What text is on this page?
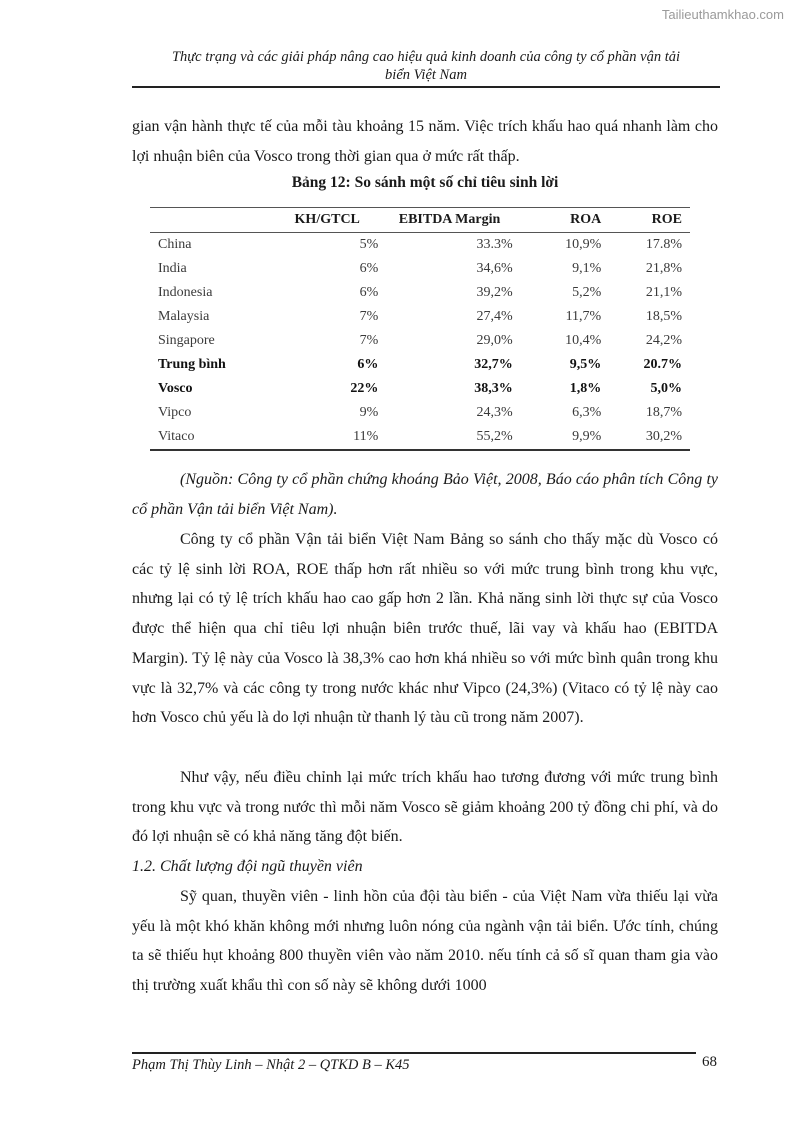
Tailieuthamkhao.com
Thực trạng và các giải pháp nâng cao hiệu quả kinh doanh của công ty cổ phần vận tải
biển Việt Nam

gian vận hành thực tế của mỗi tàu khoảng 15 năm. Việc trích khấu hao quá nhanh làm cho lợi nhuận biên của Vosco trong thời gian qua ở mức rất thấp.

Bảng 12: So sánh một số chỉ tiêu sinh lời
	KH/GTCL	EBITDA Margin	ROA	ROE
China	5%	33.3%	10,9%	17.8%
India	6%	34,6%	9,1%	21,8%
Indonesia	6%	39,2%	5,2%	21,1%
Malaysia	7%	27,4%	11,7%	18,5%
Singapore	7%	29,0%	10,4%	24,2%
Trung bình	6%	32,7%	9,5%	20.7%
Vosco	22%	38,3%	1,8%	5,0%
Vipco	9%	24,3%	6,3%	18,7%
Vitaco	11%	55,2%	9,9%	30,2%

(Nguồn: Công ty cổ phần chứng khoáng Bảo Việt, 2008, Báo cáo phân tích Công ty cổ phần Vận tải biển Việt Nam).

Công ty cổ phần Vận tải biển Việt Nam Bảng so sánh cho thấy mặc dù Vosco có các tỷ lệ sinh lời ROA, ROE thấp hơn rất nhiều so với mức trung bình trong khu vực, nhưng lại có tỷ lệ trích khấu hao cao gấp hơn 2 lần. Khả năng sinh lời thực sự của Vosco được thể hiện qua chỉ tiêu lợi nhuận biên trước thuế, lãi vay và khấu hao (EBITDA Margin). Tỷ lệ này của Vosco là 38,3% cao hơn khá nhiều so với mức bình quân trong khu vực là 32,7% và các công ty trong nước khác như Vipco (24,3%) (Vitaco có tỷ lệ này cao hơn Vosco chủ yếu là do lợi nhuận từ thanh lý tàu cũ trong năm 2007).

Như vậy, nếu điều chỉnh lại mức trích khấu hao tương đương với mức trung bình trong khu vực và trong nước thì mỗi năm Vosco sẽ giảm khoảng 200 tỷ đồng chi phí, và do đó lợi nhuận sẽ có khả năng tăng đột biến.

1.2. Chất lượng đội ngũ thuyền viên

Sỹ quan, thuyền viên - linh hồn của đội tàu biển - của Việt Nam vừa thiếu lại vừa yếu là một khó khăn không mới nhưng luôn nóng của ngành vận tải biển. Ước tính, chúng ta sẽ thiếu hụt khoảng 800 thuyền viên vào năm 2010. nếu tính cả số sĩ quan tham gia vào thị trường xuất khẩu thì con số này sẽ không dưới 1000

Phạm Thị Thùy Linh – Nhật 2 – QTKD B – K45	68
